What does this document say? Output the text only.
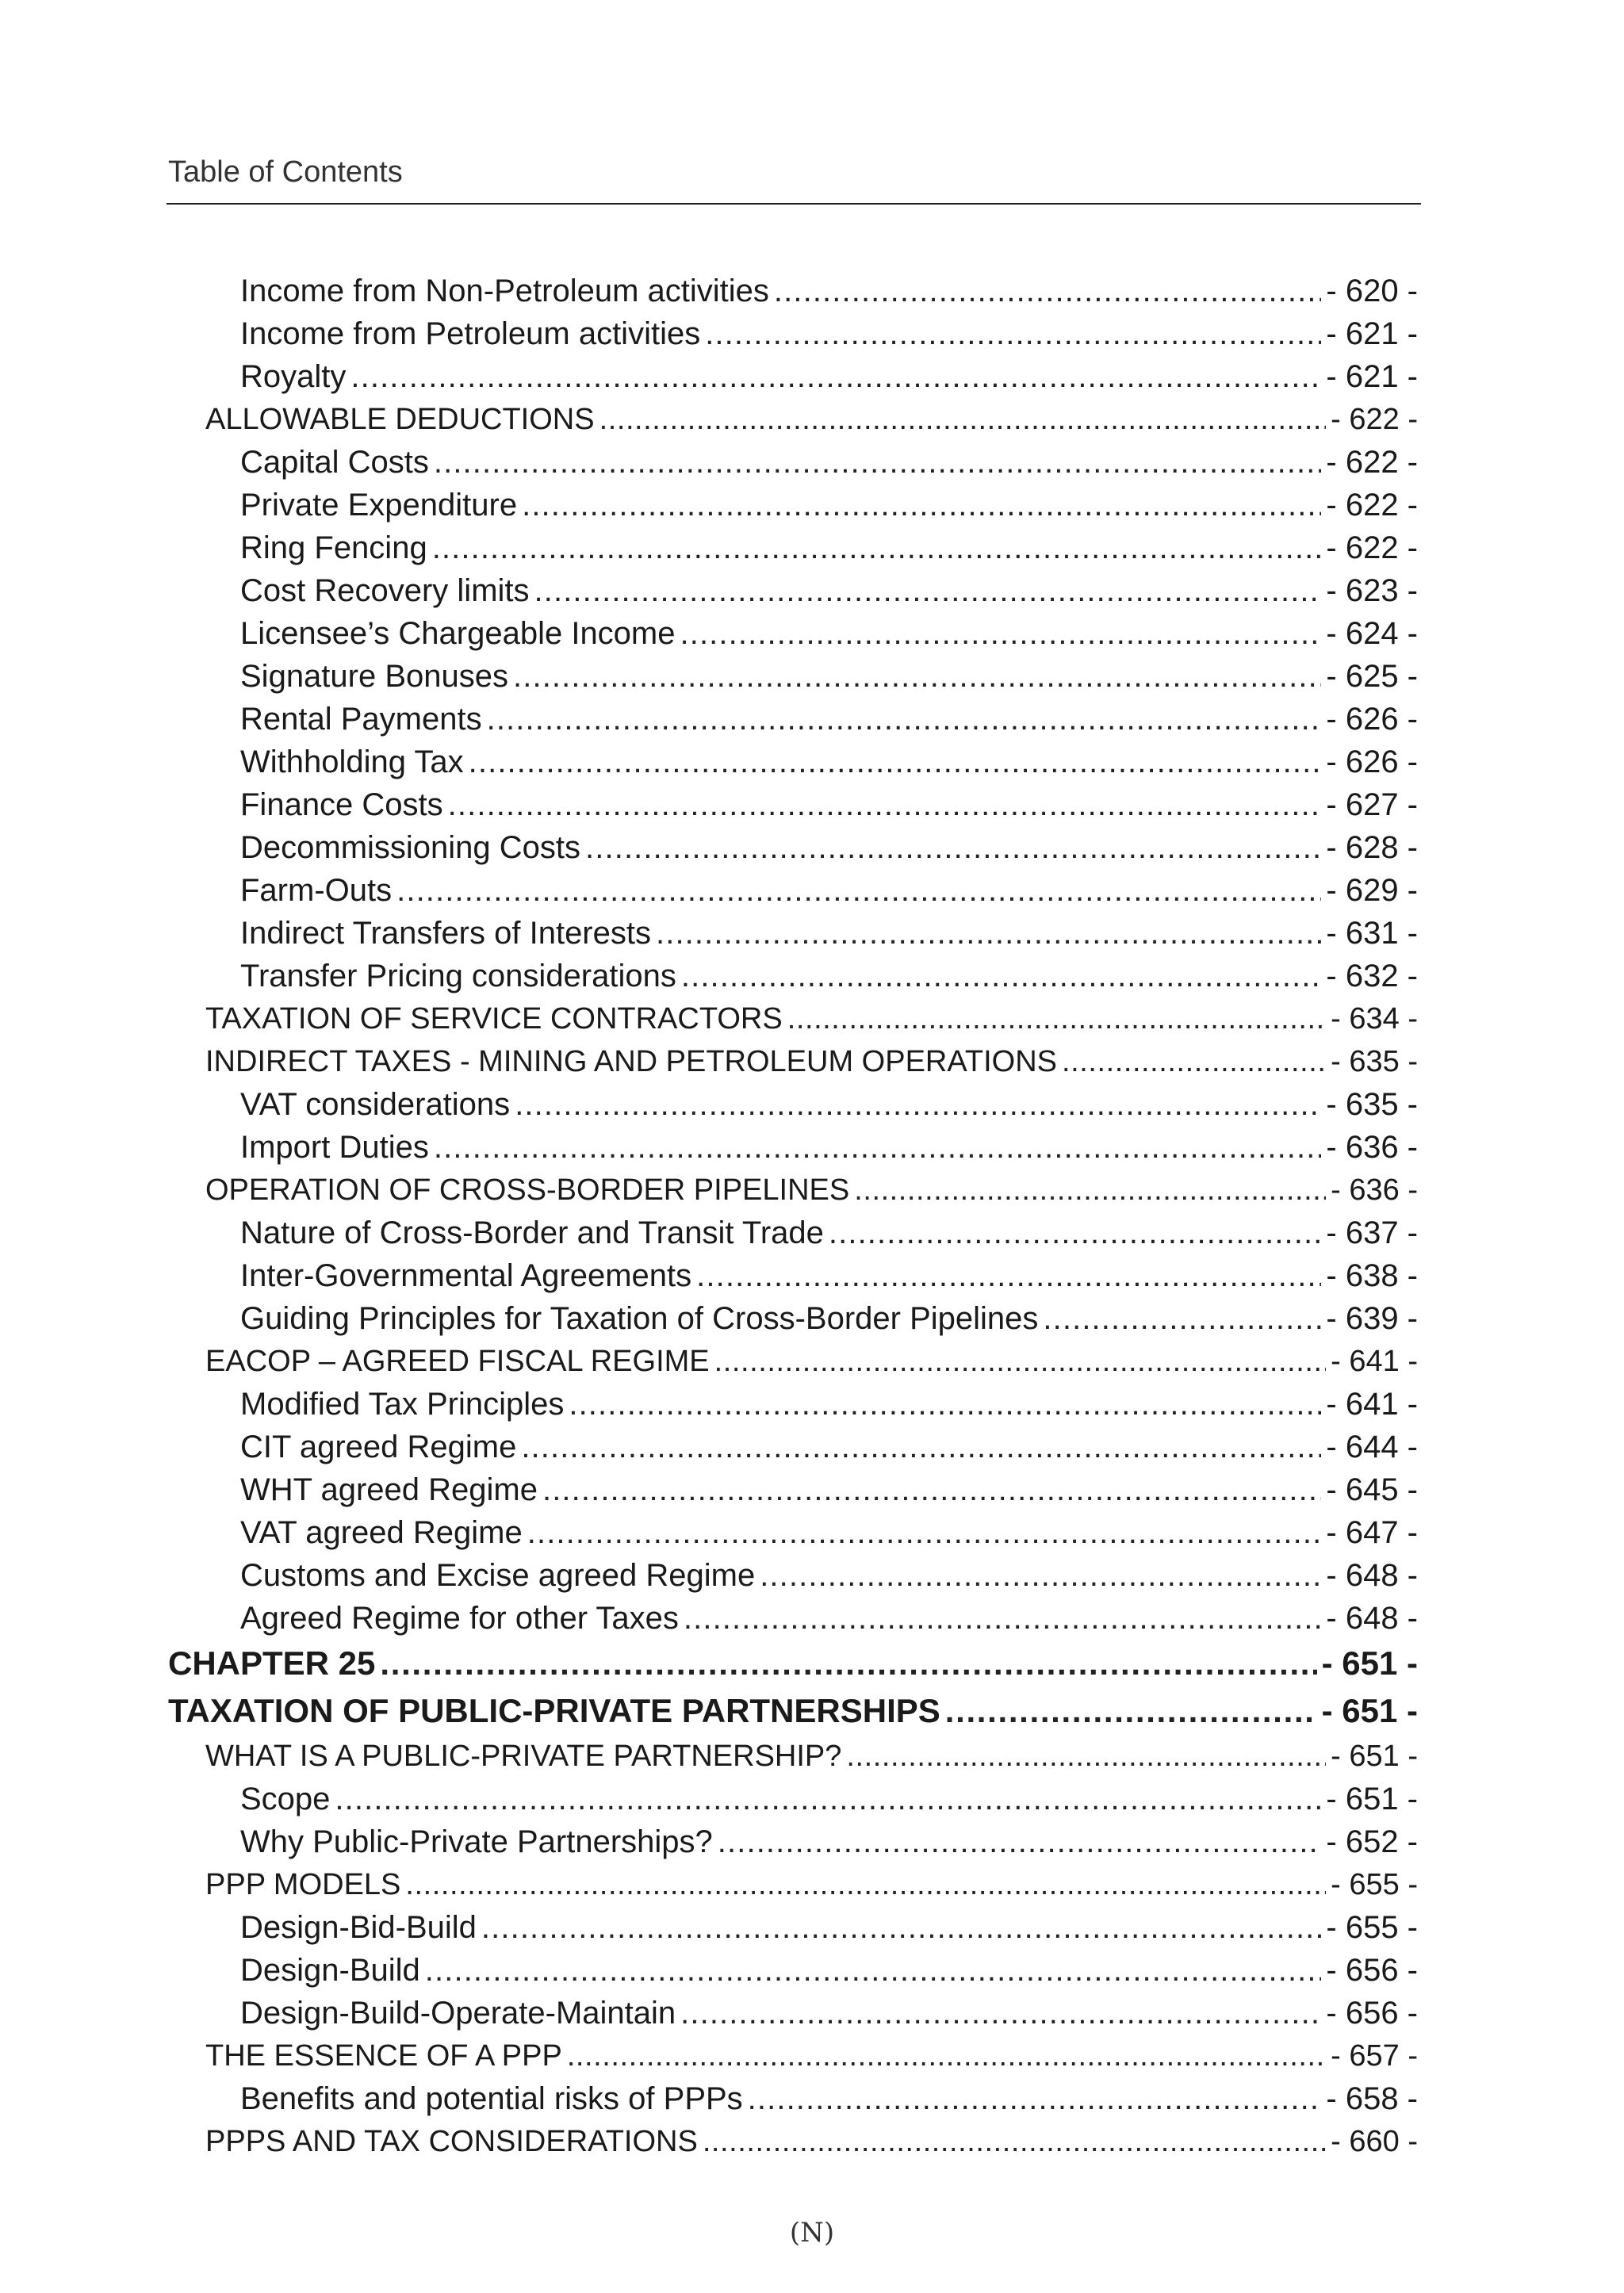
Table of Contents
Income from Non-Petroleum activities . . .	- 620 -
Income from Petroleum activities . . .	- 621 -
Royalty . . .	- 621 -
ALLOWABLE DEDUCTIONS . . .	- 622 -
Capital Costs . . .	- 622 -
Private Expenditure . . .	- 622 -
Ring Fencing . . .	- 622 -
Cost Recovery limits . . .	- 623 -
Licensee’s Chargeable Income . . .	- 624 -
Signature Bonuses . . .	- 625 -
Rental Payments . . .	- 626 -
Withholding Tax . . .	- 626 -
Finance Costs . . .	- 627 -
Decommissioning Costs . . .	- 628 -
Farm-Outs . . .	- 629 -
Indirect Transfers of Interests . . .	- 631 -
Transfer Pricing considerations . . .	- 632 -
TAXATION OF SERVICE CONTRACTORS . . .	- 634 -
INDIRECT TAXES - MINING AND PETROLEUM OPERATIONS . . .	- 635 -
VAT considerations . . .	- 635 -
Import Duties . . .	- 636 -
OPERATION OF CROSS-BORDER PIPELINES . . .	- 636 -
Nature of Cross-Border and Transit Trade . . .	- 637 -
Inter-Governmental Agreements . . .	- 638 -
Guiding Principles for Taxation of Cross-Border Pipelines . . .	- 639 -
EACOP – AGREED FISCAL REGIME . . .	- 641 -
Modified Tax Principles . . .	- 641 -
CIT agreed Regime . . .	- 644 -
WHT agreed Regime . . .	- 645 -
VAT agreed Regime . . .	- 647 -
Customs and Excise agreed Regime . . .	- 648 -
Agreed Regime for other Taxes . . .	- 648 -
CHAPTER 25 . . .	- 651 -
TAXATION OF PUBLIC-PRIVATE PARTNERSHIPS . . .	- 651 -
WHAT IS A PUBLIC-PRIVATE PARTNERSHIP? . . .	- 651 -
Scope . . .	- 651 -
Why Public-Private Partnerships? . . .	- 652 -
PPP MODELS . . .	- 655 -
Design-Bid-Build . . .	- 655 -
Design-Build . . .	- 656 -
Design-Build-Operate-Maintain . . .	- 656 -
THE ESSENCE OF A PPP . . .	- 657 -
Benefits and potential risks of PPPs . . .	- 658 -
PPPS AND TAX CONSIDERATIONS . . .	- 660 -
(N)
